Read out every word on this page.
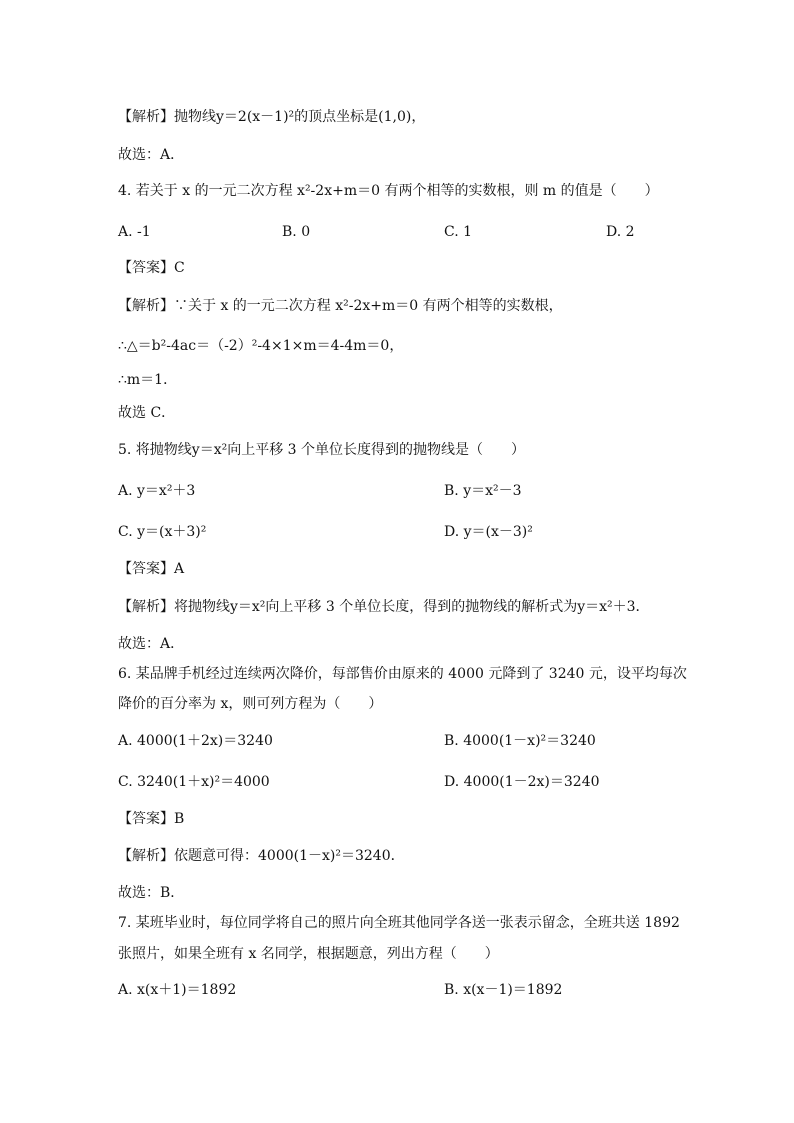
【解析】抛物线y＝2(x－1)²的顶点坐标是(1,0)，
故选：A．
4. 若关于 x 的一元二次方程 x²-2x+m＝0 有两个相等的实数根，则 m 的值是（　　）
A. -1	B. 0	C. 1	D. 2
【答案】C
【解析】∵关于 x 的一元二次方程 x²-2x+m＝0 有两个相等的实数根，
∴△＝b²-4ac＝（-2）²-4×1×m＝4-4m＝0，
∴m＝1．
故选 C．
5. 将抛物线y＝x²向上平移 3 个单位长度得到的抛物线是（　　）
A. y＝x²＋3	B. y＝x²－3
C. y＝(x＋3)²	D. y＝(x－3)²
【答案】A
【解析】将抛物线y＝x²向上平移 3 个单位长度，得到的抛物线的解析式为y＝x²＋3．
故选：A．
6. 某品牌手机经过连续两次降价，每部售价由原来的 4000 元降到了 3240 元，设平均每次
降价的百分率为 x，则可列方程为（　　）
A. 4000(1＋2x)＝3240	B. 4000(1－x)²＝3240
C. 3240(1＋x)²＝4000	D. 4000(1－2x)＝3240
【答案】B
【解析】依题意可得：4000(1－x)²＝3240．
故选：B．
7. 某班毕业时，每位同学将自己的照片向全班其他同学各送一张表示留念，全班共送 1892
张照片，如果全班有 x 名同学，根据题意，列出方程（　　）
A. x(x＋1)＝1892	B. x(x－1)＝1892
